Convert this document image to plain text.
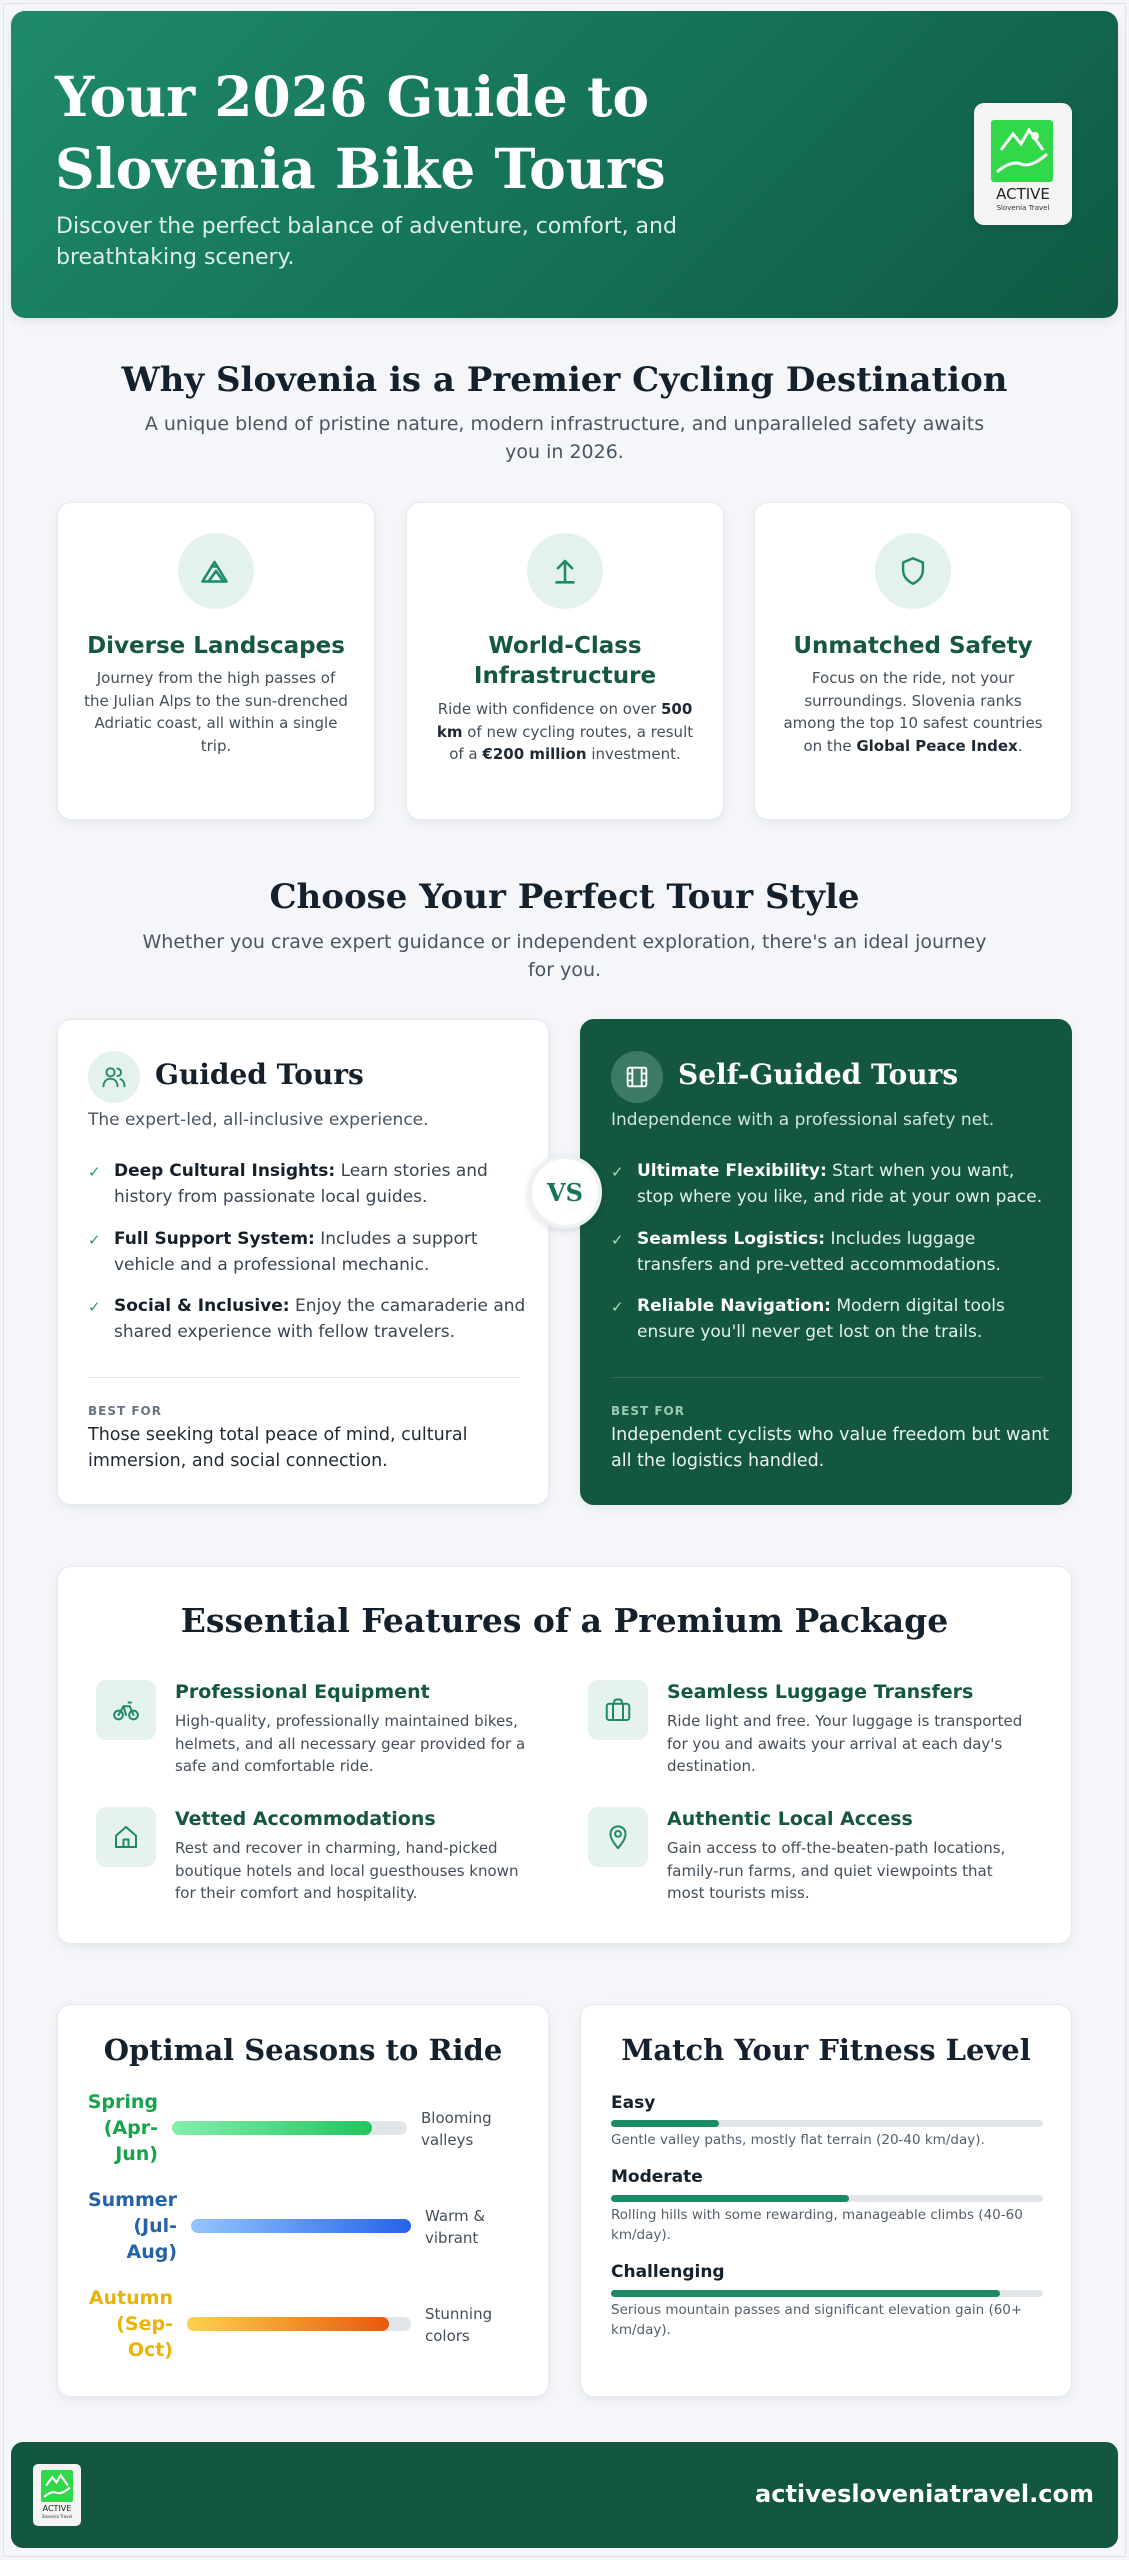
Your 2026 Guide to
Slovenia Bike Tours
Discover the perfect balance of adventure, comfort, and breathtaking scenery.
ACTIVE
Slovenia Travel
Why Slovenia is a Premier Cycling Destination
A unique blend of pristine nature, modern infrastructure, and unparalleled safety awaits you in 2026.
Diverse Landscapes
Journey from the high passes of the Julian Alps to the sun-drenched Adriatic coast, all within a single trip.
World-Class Infrastructure
Ride with confidence on over 500 km of new cycling routes, a result of a €200 million investment.
Unmatched Safety
Focus on the ride, not your surroundings. Slovenia ranks among the top 10 safest countries on the Global Peace Index.
Choose Your Perfect Tour Style
Whether you crave expert guidance or independent exploration, there's an ideal journey for you.
Guided Tours
The expert-led, all-inclusive experience.
✓ Deep Cultural Insights: Learn stories and history from passionate local guides.
✓ Full Support System: Includes a support vehicle and a professional mechanic.
✓ Social & Inclusive: Enjoy the camaraderie and shared experience with fellow travelers.
BEST FOR
Those seeking total peace of mind, cultural immersion, and social connection.
Self-Guided Tours
Independence with a professional safety net.
✓ Ultimate Flexibility: Start when you want, stop where you like, and ride at your own pace.
✓ Seamless Logistics: Includes luggage transfers and pre-vetted accommodations.
✓ Reliable Navigation: Modern digital tools ensure you'll never get lost on the trails.
BEST FOR
Independent cyclists who value freedom but want all the logistics handled.
VS
Essential Features of a Premium Package
Professional Equipment
High-quality, professionally maintained bikes, helmets, and all necessary gear provided for a safe and comfortable ride.
Seamless Luggage Transfers
Ride light and free. Your luggage is transported for you and awaits your arrival at each day's destination.
Vetted Accommodations
Rest and recover in charming, hand-picked boutique hotels and local guesthouses known for their comfort and hospitality.
Authentic Local Access
Gain access to off-the-beaten-path locations, family-run farms, and quiet viewpoints that most tourists miss.
Optimal Seasons to Ride
Spring
(Apr-
Jun)
Blooming
valleys
Summer
(Jul-
Aug)
Warm &
vibrant
Autumn
(Sep-
Oct)
Stunning
colors
Match Your Fitness Level
Easy
Gentle valley paths, mostly flat terrain (20-40 km/day).
Moderate
Rolling hills with some rewarding, manageable climbs (40-60 km/day).
Challenging
Serious mountain passes and significant elevation gain (60+ km/day).
ACTIVE
Slovenia Travel
activesloveniatravel.com
